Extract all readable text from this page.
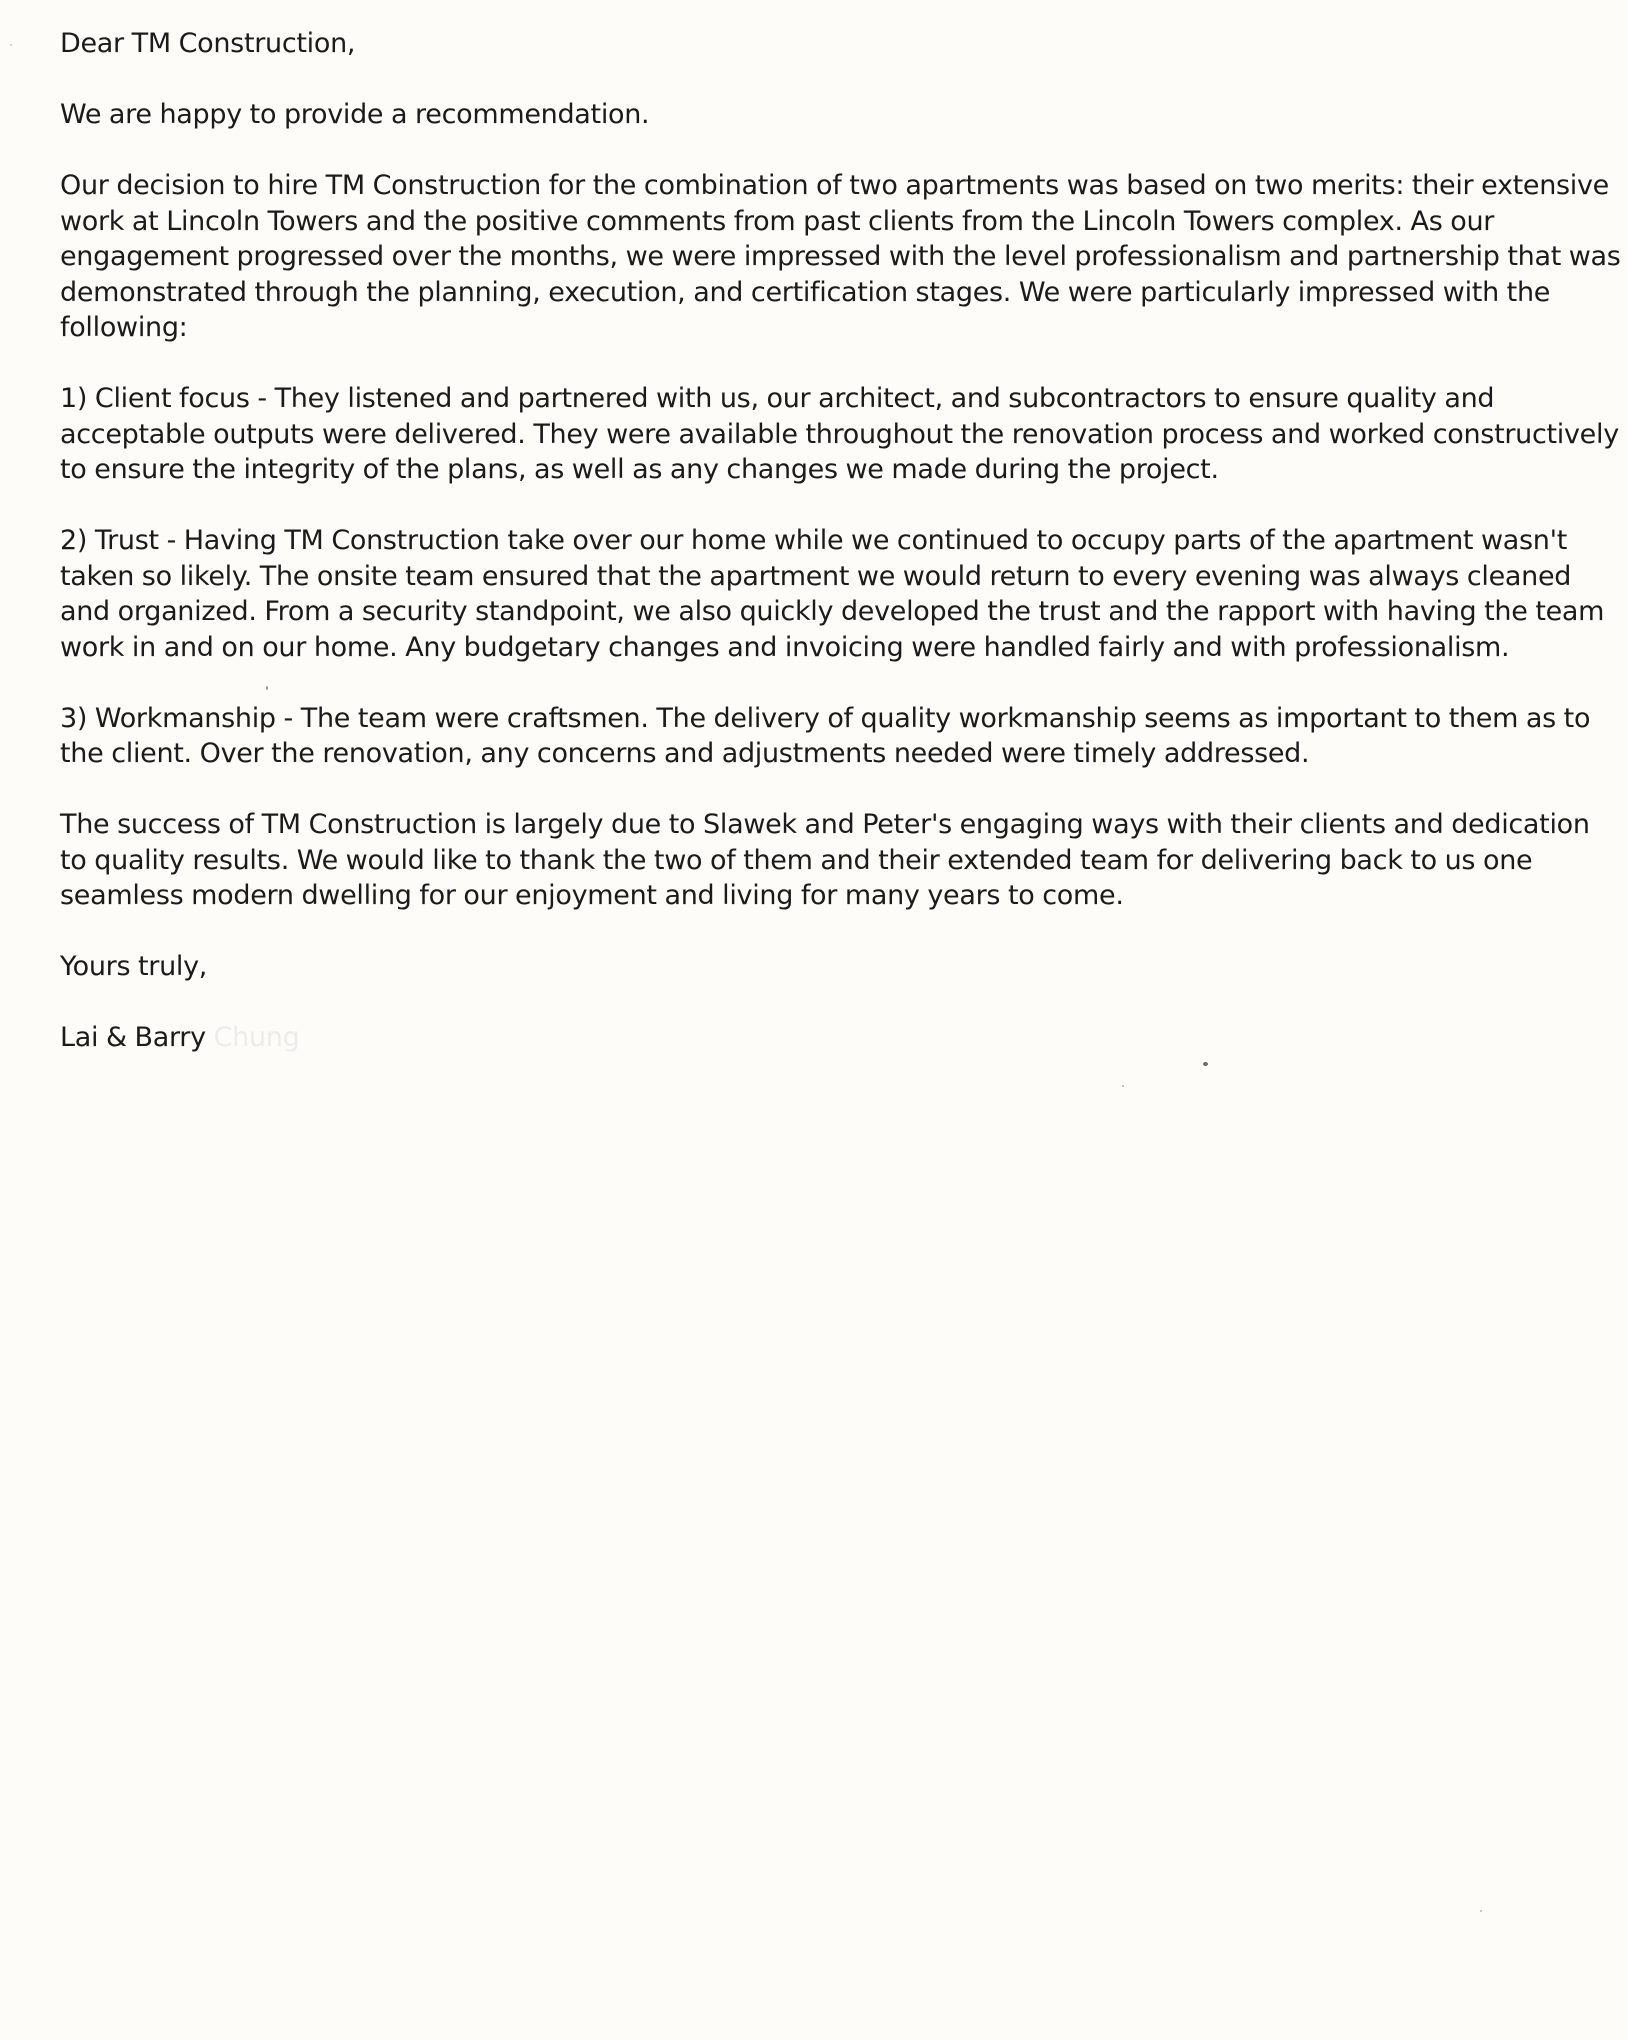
Dear TM Construction,

We are happy to provide a recommendation.

Our decision to hire TM Construction for the combination of two apartments was based on two merits: their extensive
work at Lincoln Towers and the positive comments from past clients from the Lincoln Towers complex. As our
engagement progressed over the months, we were impressed with the level professionalism and partnership that was
demonstrated through the planning, execution, and certification stages. We were particularly impressed with the
following:

1) Client focus - They listened and partnered with us, our architect, and subcontractors to ensure quality and
acceptable outputs were delivered. They were available throughout the renovation process and worked constructively
to ensure the integrity of the plans, as well as any changes we made during the project.

2) Trust - Having TM Construction take over our home while we continued to occupy parts of the apartment wasn't
taken so likely. The onsite team ensured that the apartment we would return to every evening was always cleaned
and organized. From a security standpoint, we also quickly developed the trust and the rapport with having the team
work in and on our home. Any budgetary changes and invoicing were handled fairly and with professionalism.

3) Workmanship - The team were craftsmen. The delivery of quality workmanship seems as important to them as to
the client. Over the renovation, any concerns and adjustments needed were timely addressed.

The success of TM Construction is largely due to Slawek and Peter's engaging ways with their clients and dedication
to quality results. We would like to thank the two of them and their extended team for delivering back to us one
seamless modern dwelling for our enjoyment and living for many years to come.

Yours truly,

Lai & Barry Chung
